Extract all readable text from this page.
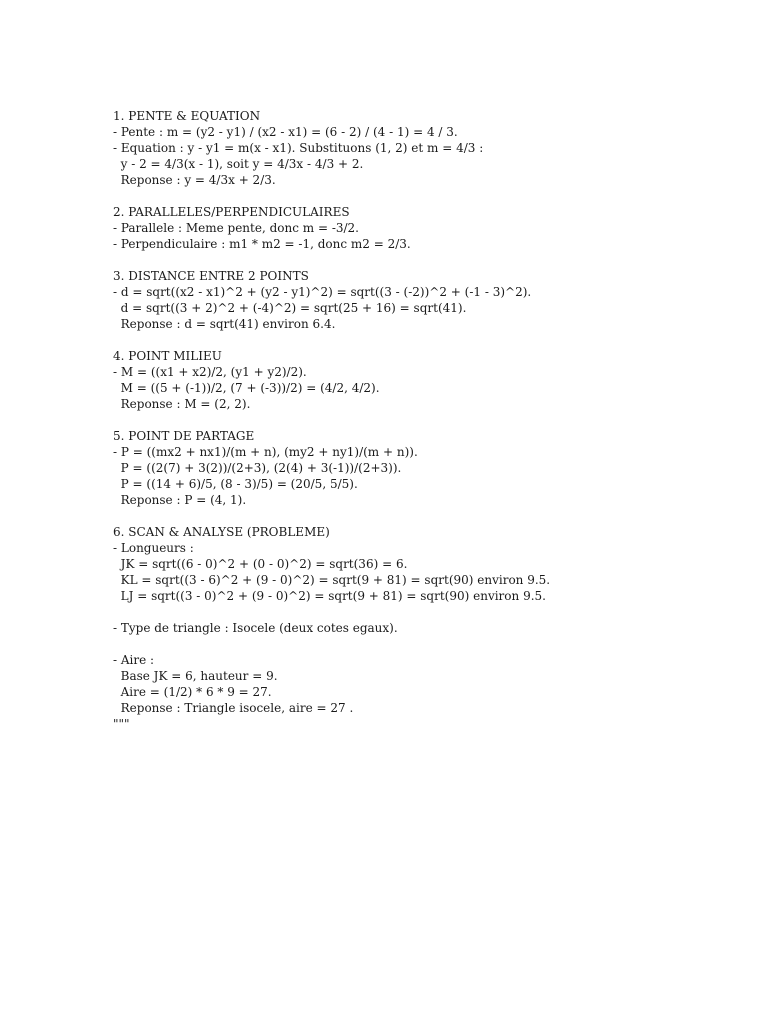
1. PENTE & EQUATION
- Pente : m = (y2 - y1) / (x2 - x1) = (6 - 2) / (4 - 1) = 4 / 3.
- Equation : y - y1 = m(x - x1). Substituons (1, 2) et m = 4/3 :
y - 2 = 4/3(x - 1), soit y = 4/3x - 4/3 + 2.
Reponse : y = 4/3x + 2/3.
2. PARALLELES/PERPENDICULAIRES
- Parallele : Meme pente, donc m = -3/2.
- Perpendiculaire : m1 * m2 = -1, donc m2 = 2/3.
3. DISTANCE ENTRE 2 POINTS
- d = sqrt((x2 - x1)^2 + (y2 - y1)^2) = sqrt((3 - (-2))^2 + (-1 - 3)^2).
d = sqrt((3 + 2)^2 + (-4)^2) = sqrt(25 + 16) = sqrt(41).
Reponse : d = sqrt(41) environ 6.4.
4. POINT MILIEU
- M = ((x1 + x2)/2, (y1 + y2)/2).
M = ((5 + (-1))/2, (7 + (-3))/2) = (4/2, 4/2).
Reponse : M = (2, 2).
5. POINT DE PARTAGE
- P = ((mx2 + nx1)/(m + n), (my2 + ny1)/(m + n)).
P = ((2(7) + 3(2))/(2+3), (2(4) + 3(-1))/(2+3)).
P = ((14 + 6)/5, (8 - 3)/5) = (20/5, 5/5).
Reponse : P = (4, 1).
6. SCAN & ANALYSE (PROBLEME)
- Longueurs :
JK = sqrt((6 - 0)^2 + (0 - 0)^2) = sqrt(36) = 6.
KL = sqrt((3 - 6)^2 + (9 - 0)^2) = sqrt(9 + 81) = sqrt(90) environ 9.5.
LJ = sqrt((3 - 0)^2 + (9 - 0)^2) = sqrt(9 + 81) = sqrt(90) environ 9.5.
- Type de triangle : Isocele (deux cotes egaux).
- Aire :
Base JK = 6, hauteur = 9.
Aire = (1/2) * 6 * 9 = 27.
Reponse : Triangle isocele, aire = 27 .
"""
